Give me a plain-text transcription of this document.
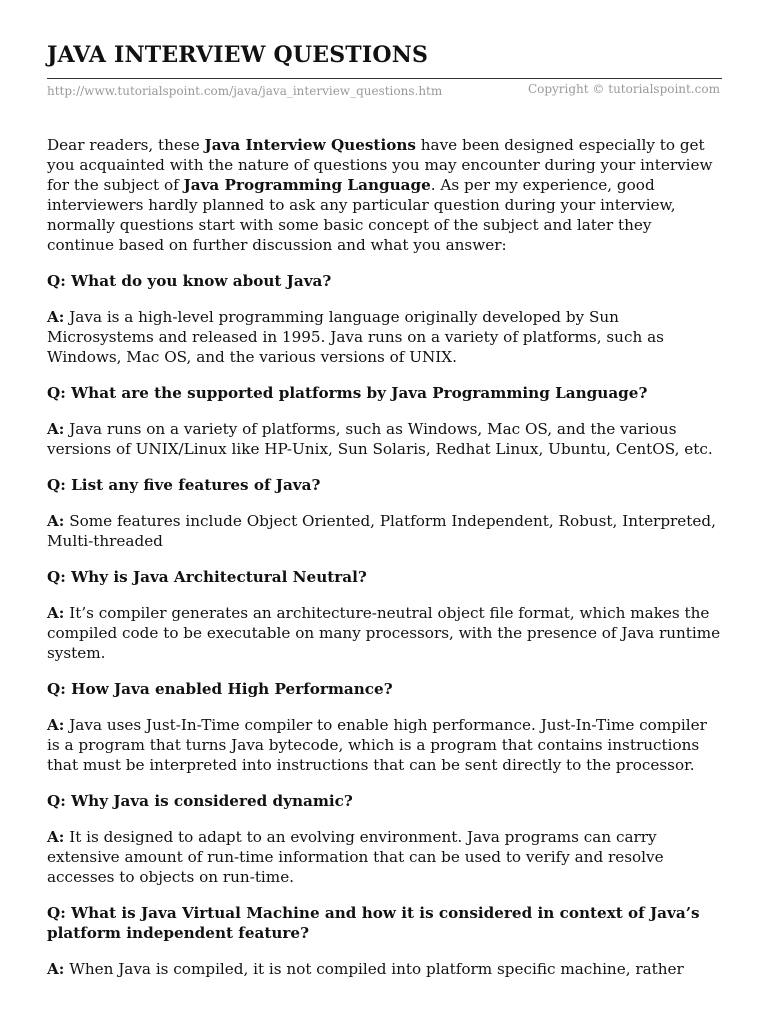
JAVA INTERVIEW QUESTIONS
http://www.tutorialspoint.com/java/java_interview_questions.htm	Copyright © tutorialspoint.com

Dear readers, these Java Interview Questions have been designed especially to get you acquainted with the nature of questions you may encounter during your interview for the subject of Java Programming Language. As per my experience, good interviewers hardly planned to ask any particular question during your interview, normally questions start with some basic concept of the subject and later they continue based on further discussion and what you answer:

Q: What do you know about Java?

A: Java is a high-level programming language originally developed by Sun Microsystems and released in 1995. Java runs on a variety of platforms, such as Windows, Mac OS, and the various versions of UNIX.

Q: What are the supported platforms by Java Programming Language?

A: Java runs on a variety of platforms, such as Windows, Mac OS, and the various versions of UNIX/Linux like HP-Unix, Sun Solaris, Redhat Linux, Ubuntu, CentOS, etc.

Q: List any five features of Java?

A: Some features include Object Oriented, Platform Independent, Robust, Interpreted, Multi-threaded

Q: Why is Java Architectural Neutral?

A: It’s compiler generates an architecture-neutral object file format, which makes the compiled code to be executable on many processors, with the presence of Java runtime system.

Q: How Java enabled High Performance?

A: Java uses Just-In-Time compiler to enable high performance. Just-In-Time compiler is a program that turns Java bytecode, which is a program that contains instructions that must be interpreted into instructions that can be sent directly to the processor.

Q: Why Java is considered dynamic?

A: It is designed to adapt to an evolving environment. Java programs can carry extensive amount of run-time information that can be used to verify and resolve accesses to objects on run-time.

Q: What is Java Virtual Machine and how it is considered in context of Java’s platform independent feature?

A: When Java is compiled, it is not compiled into platform specific machine, rather
